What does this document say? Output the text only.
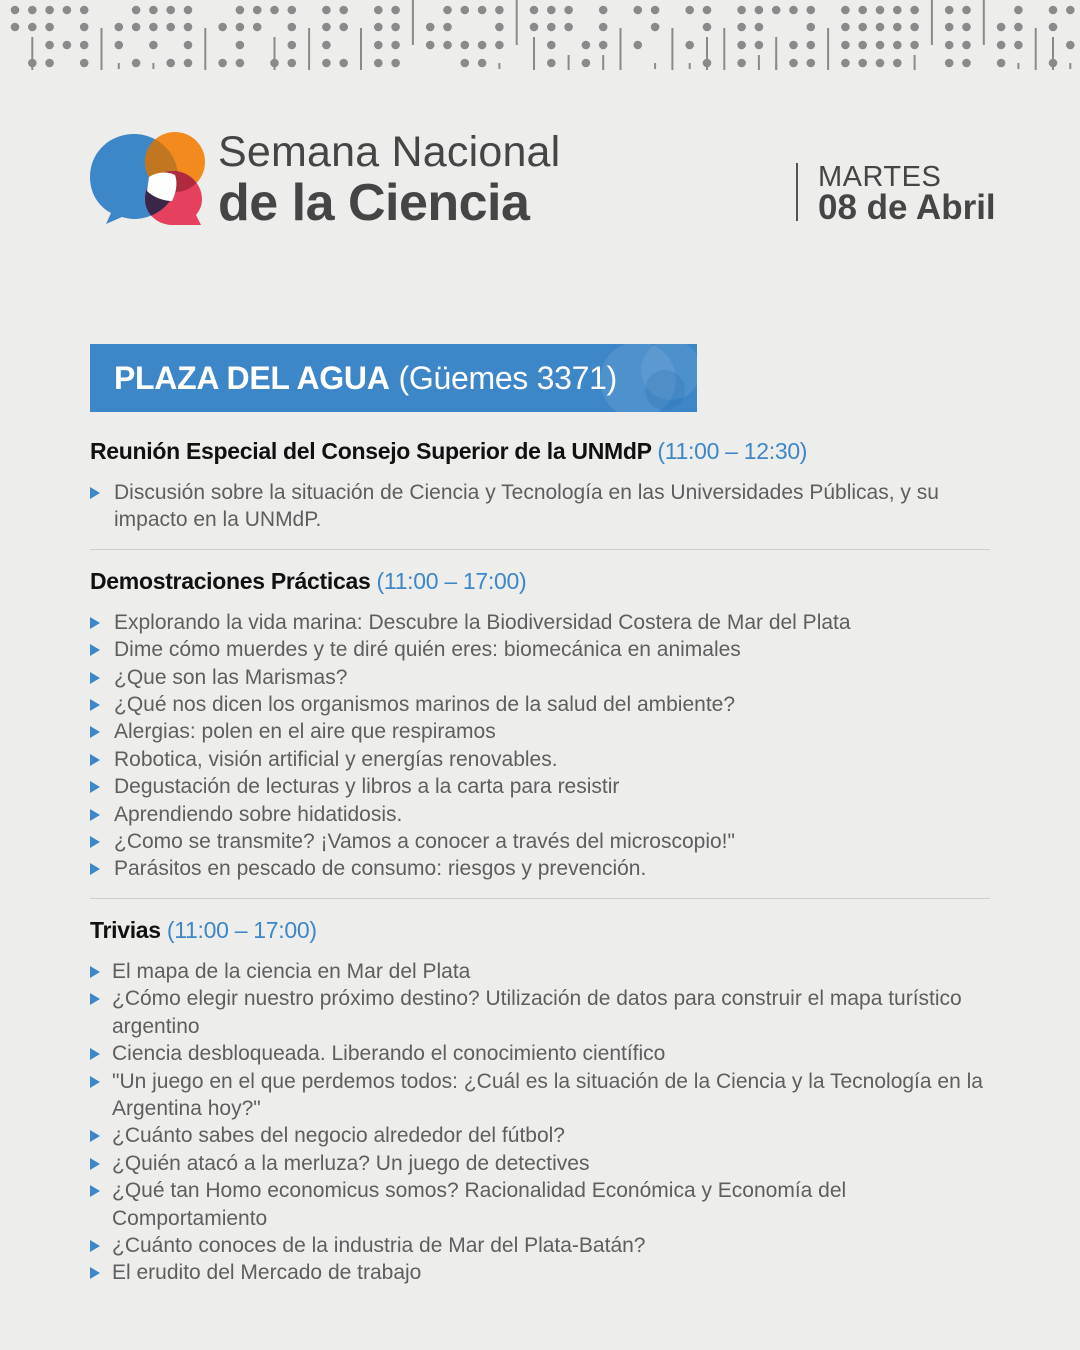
Semana Nacional
de la Ciencia	MARTES
08 de Abril
PLAZA DEL AGUA (Güemes 3371)
Reunión Especial del Consejo Superior de la UNMdP (11:00 – 12:30)
Discusión sobre la situación de Ciencia y Tecnología en las Universidades Públicas, y su impacto en la UNMdP.
Demostraciones Prácticas (11:00 – 17:00)
Explorando la vida marina: Descubre la Biodiversidad Costera de Mar del Plata
Dime cómo muerdes y te diré quién eres: biomecánica en animales
¿Que son las Marismas?
¿Qué nos dicen los organismos marinos de la salud del ambiente?
Alergias: polen en el aire que respiramos
Robotica, visión artificial y energías renovables.
Degustación de lecturas y libros a la carta para resistir
Aprendiendo sobre hidatidosis.
¿Como se transmite? ¡Vamos a conocer a través del microscopio!"
Parásitos en pescado de consumo: riesgos y prevención.
Trivias (11:00 – 17:00)
El mapa de la ciencia en Mar del Plata
¿Cómo elegir nuestro próximo destino? Utilización de datos para construir el mapa turístico argentino
Ciencia desbloqueada. Liberando el conocimiento científico
"Un juego en el que perdemos todos: ¿Cuál es la situación de la Ciencia y la Tecnología en la Argentina hoy?"
¿Cuánto sabes del negocio alrededor del fútbol?
¿Quién atacó a la merluza? Un juego de detectives
¿Qué tan Homo economicus somos? Racionalidad Económica y Economía del Comportamiento
¿Cuánto conoces de la industria de Mar del Plata-Batán?
El erudito del Mercado de trabajo
